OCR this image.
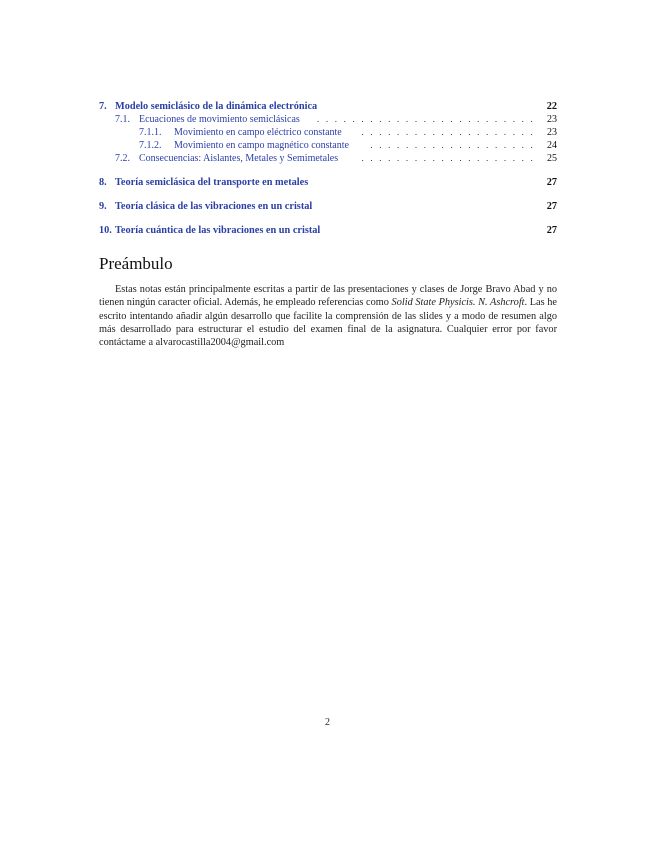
7. Modelo semiclásico de la dinámica electrónica	22
. . . . . . . . . . . . . . . . . . . . . . . . .
7.1. Ecuaciones de movimiento semiclásicas	23
. . . . . . . . . . . . . . . . . . . .
7.1.1. Movimiento en campo eléctrico constante	23
. . . . . . . . . . . . . . . . . . .
7.1.2. Movimiento en campo magnético constante	24
. . . . . . . . . . . . . . . . . . . .
7.2. Consecuencias: Aislantes, Metales y Semimetales	25
8. Teoría semiclásica del transporte en metales	27
9. Teoría clásica de las vibraciones en un cristal	27
10. Teoría cuántica de las vibraciones en un cristal	27
Preámbulo

Estas notas están principalmente escritas a partir de las presentaciones y clases de Jorge Bravo Abad y no tienen ningún caracter oficial. Además, he empleado referencias como Solid State Physicis. N. Ashcroft. Las he escrito intentando añadir algún desarrollo que facilite la comprensión de las slides y a modo de resumen algo más desarrollado para estructurar el estudio del examen final de la asignatura. Cualquier error por favor contáctame a alvarocastilla2004@gmail.com

2
